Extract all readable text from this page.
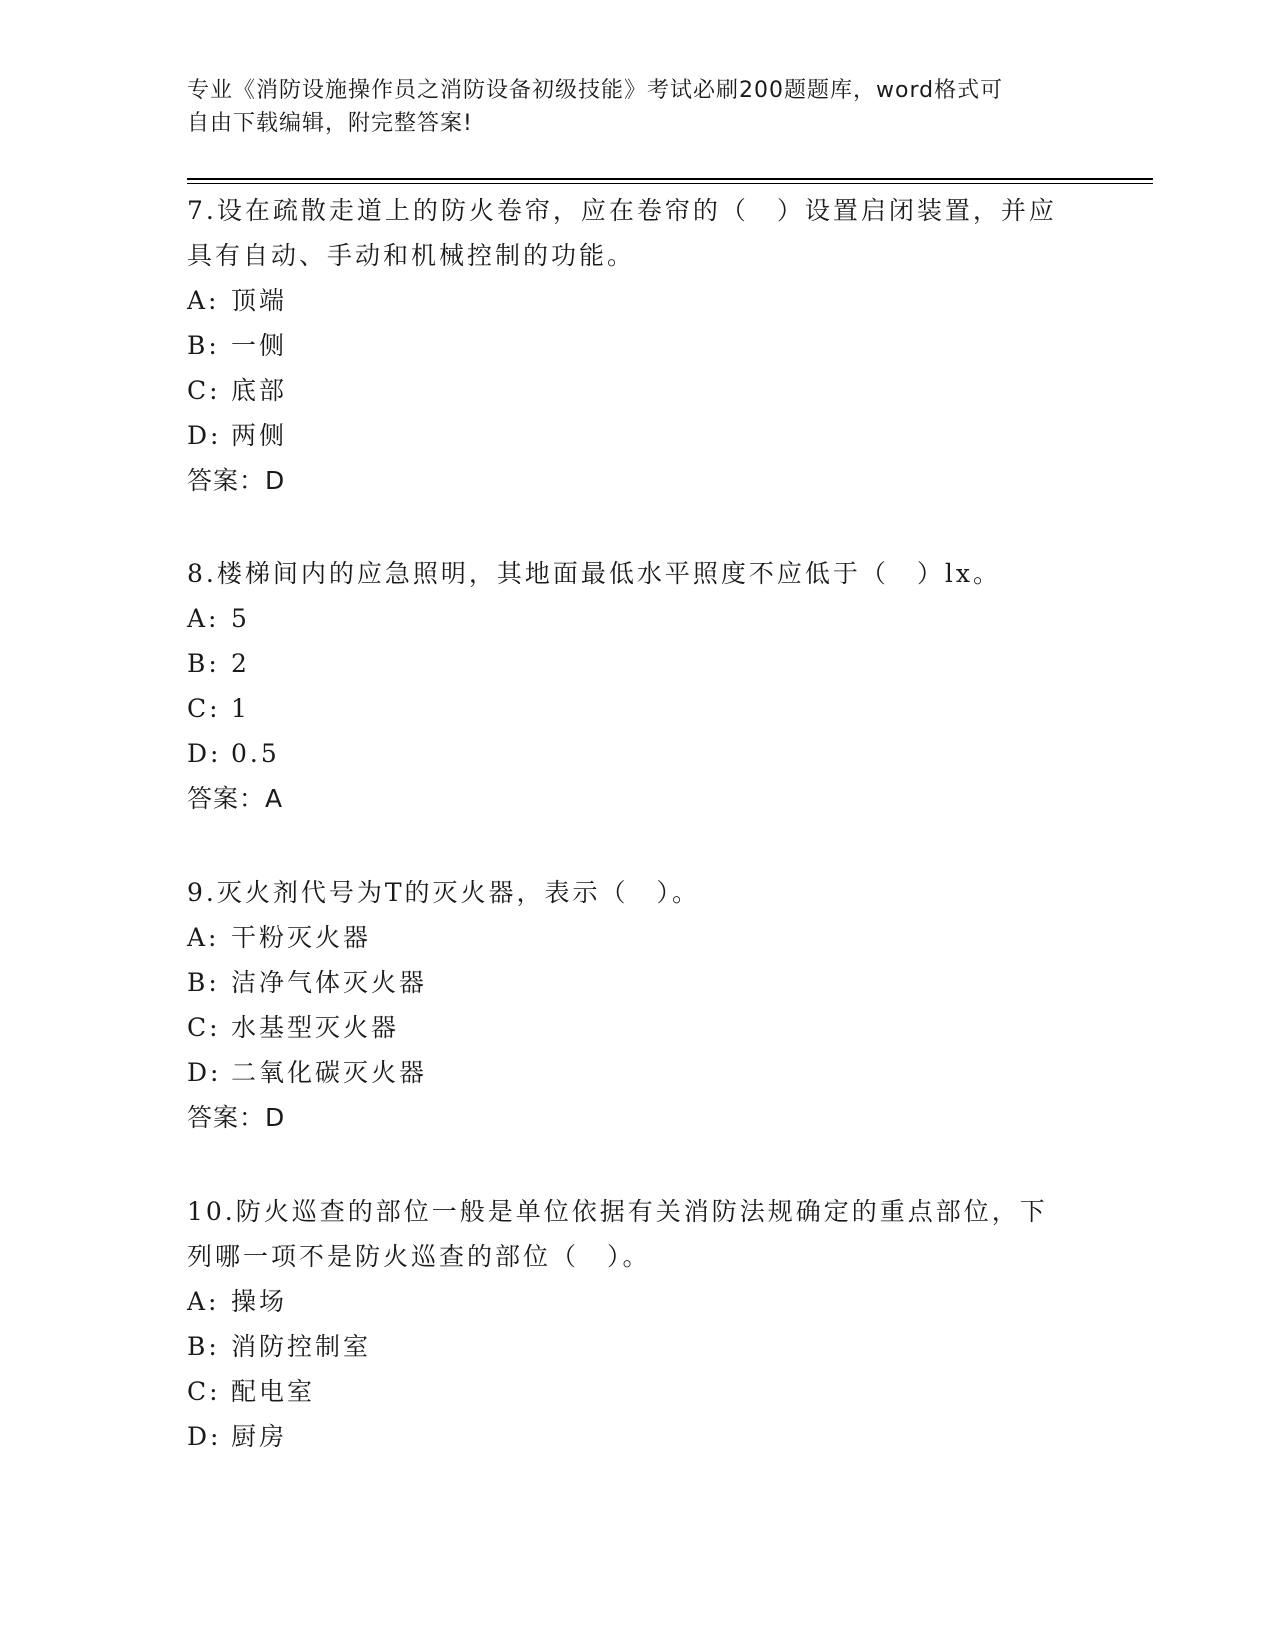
专业《消防设施操作员之消防设备初级技能》考试必刷200题题库，word格式可
自由下载编辑，附完整答案!

7.设在疏散走道上的防火卷帘，应在卷帘的（　）设置启闭装置，并应具有自动、手动和机械控制的功能。

A: 顶端

B: 一侧

C: 底部

D: 两侧

答案：D

8.楼梯间内的应急照明，其地面最低水平照度不应低于（　）lx。

A: 5

B: 2

C: 1

D: 0.5

答案：A

9.灭火剂代号为T的灭火器，表示（　）。

A: 干粉灭火器

B: 洁净气体灭火器

C: 水基型灭火器

D: 二氧化碳灭火器

答案：D

10.防火巡查的部位一般是单位依据有关消防法规确定的重点部位，下列哪一项不是防火巡查的部位（　）。

A: 操场

B: 消防控制室

C: 配电室

D: 厨房
